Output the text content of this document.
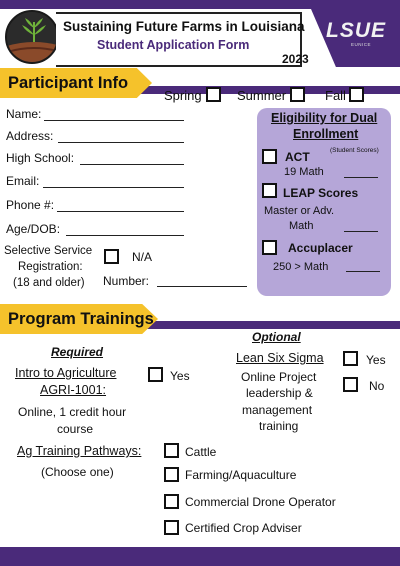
Sustaining Future Farms in Louisiana
Student Application Form
2023
LSUE
EUNICE
Participant Info
Spring	Summer	Fall
Name:
Address:
High School:
Email:
Phone #:
Age/DOB:
Selective Service
Registration:
(18 and older)
N/A
Number:
Eligibility for Dual
Enrollment
(Student Scores)
ACT
19 Math
LEAP Scores
Master or Adv.
Math
Accuplacer
250 > Math
Program Trainings
Optional
Required
Intro to Agriculture
AGRI-1001:
Yes
Online, 1 credit hour
course
Lean Six Sigma
Online Project
leadership &
management
training
Yes
No
Ag Training Pathways:
(Choose one)
Cattle
Farming/Aquaculture
Commercial Drone Operator
Certified Crop Adviser
